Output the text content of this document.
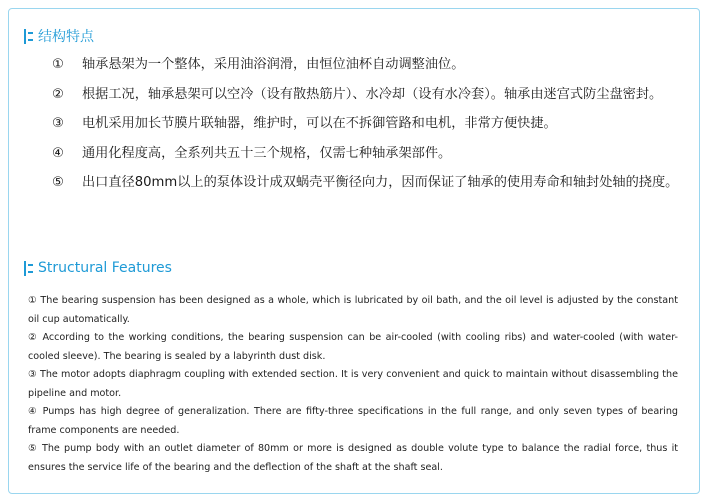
结构特点
① 轴承悬架为一个整体，采用油浴润滑，由恒位油杯自动调整油位。
② 根据工况，轴承悬架可以空冷（设有散热筋片）、水冷却（设有水冷套）。轴承由迷宫式防尘盘密封。
③ 电机采用加长节膜片联轴器，维护时，可以在不拆御管路和电机，非常方便快捷。
④ 通用化程度高，全系列共五十三个规格，仅需七种轴承架部件。
⑤ 出口直径80mm以上的泵体设计成双蜗壳平衡径向力，因而保证了轴承的使用寿命和轴封处轴的挠度。
Structural Features

① The bearing suspension has been designed as a whole, which is lubricated by oil bath, and the oil level is adjusted by the constant oil cup automatically.

② According to the working conditions, the bearing suspension can be air-cooled (with cooling ribs) and water-cooled (with water-cooled sleeve). The bearing is sealed by a labyrinth dust disk.

③ The motor adopts diaphragm coupling with extended section. It is very convenient and quick to maintain without disassembling the pipeline and motor.

④ Pumps has high degree of generalization. There are fifty-three specifications in the full range, and only seven types of bearing frame components are needed.

⑤ The pump body with an outlet diameter of 80mm or more is designed as double volute type to balance the radial force, thus it ensures the service life of the bearing and the deflection of the shaft at the shaft seal.
